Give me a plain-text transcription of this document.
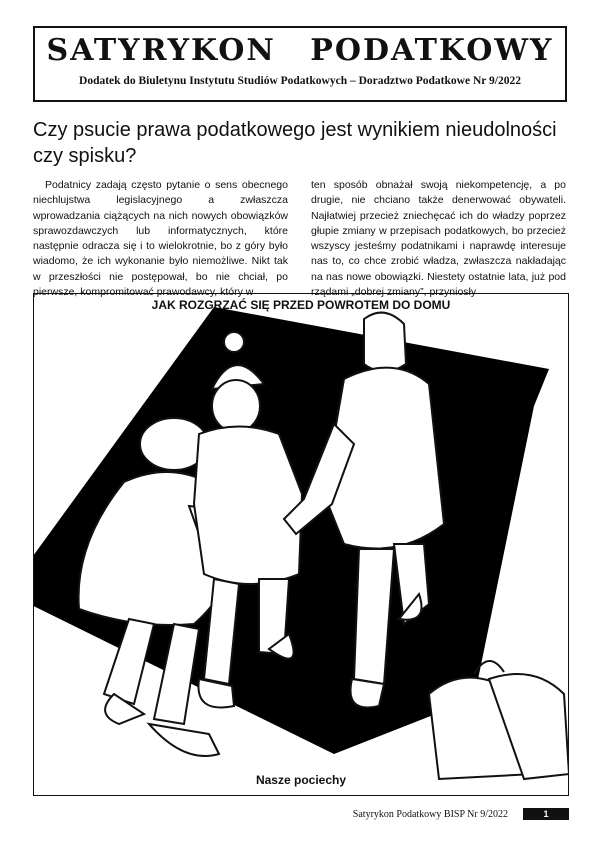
SATYRYKON PODATKOWY
Dodatek do Biuletynu Instytutu Studiów Podatkowych – Doradztwo Podatkowe Nr 9/2022
Czy psucie prawa podatkowego jest wynikiem nieudolności czy spisku?

Podatnicy zadają często pytanie o sens obecnego niechlujstwa legislacyjnego a zwłaszcza wprowadzania ciążących na nich nowych obowiązków sprawozdawczych lub informatycznych, które następnie odracza się i to wielokrotnie, bo z góry było wiadomo, że ich wykonanie było niemożliwe. Nikt tak w przeszłości nie postępował, bo nie chciał, po pierwsze, kompromitować prawodawcy, który w

ten sposób obnażał swoją niekompetencję, a po drugie, nie chciano także denerwować obywateli. Najłatwiej przecież zniechęcać ich do władzy poprzez głupie zmiany w przepisach podatkowych, bo przecież wszyscy jesteśmy podatnikami i naprawdę interesuje nas to, co chce zrobić władza, zwłaszcza nakładając na nas nowe obowiązki. Niestety ostatnie lata, już pod rządami „dobrej zmiany”, przyniosły

JAK ROZGRZAĆ SIĘ PRZED POWROTEM DO DOMU
Nasze pociechy
Satyrykon Podatkowy BISP Nr 9/2022	1
